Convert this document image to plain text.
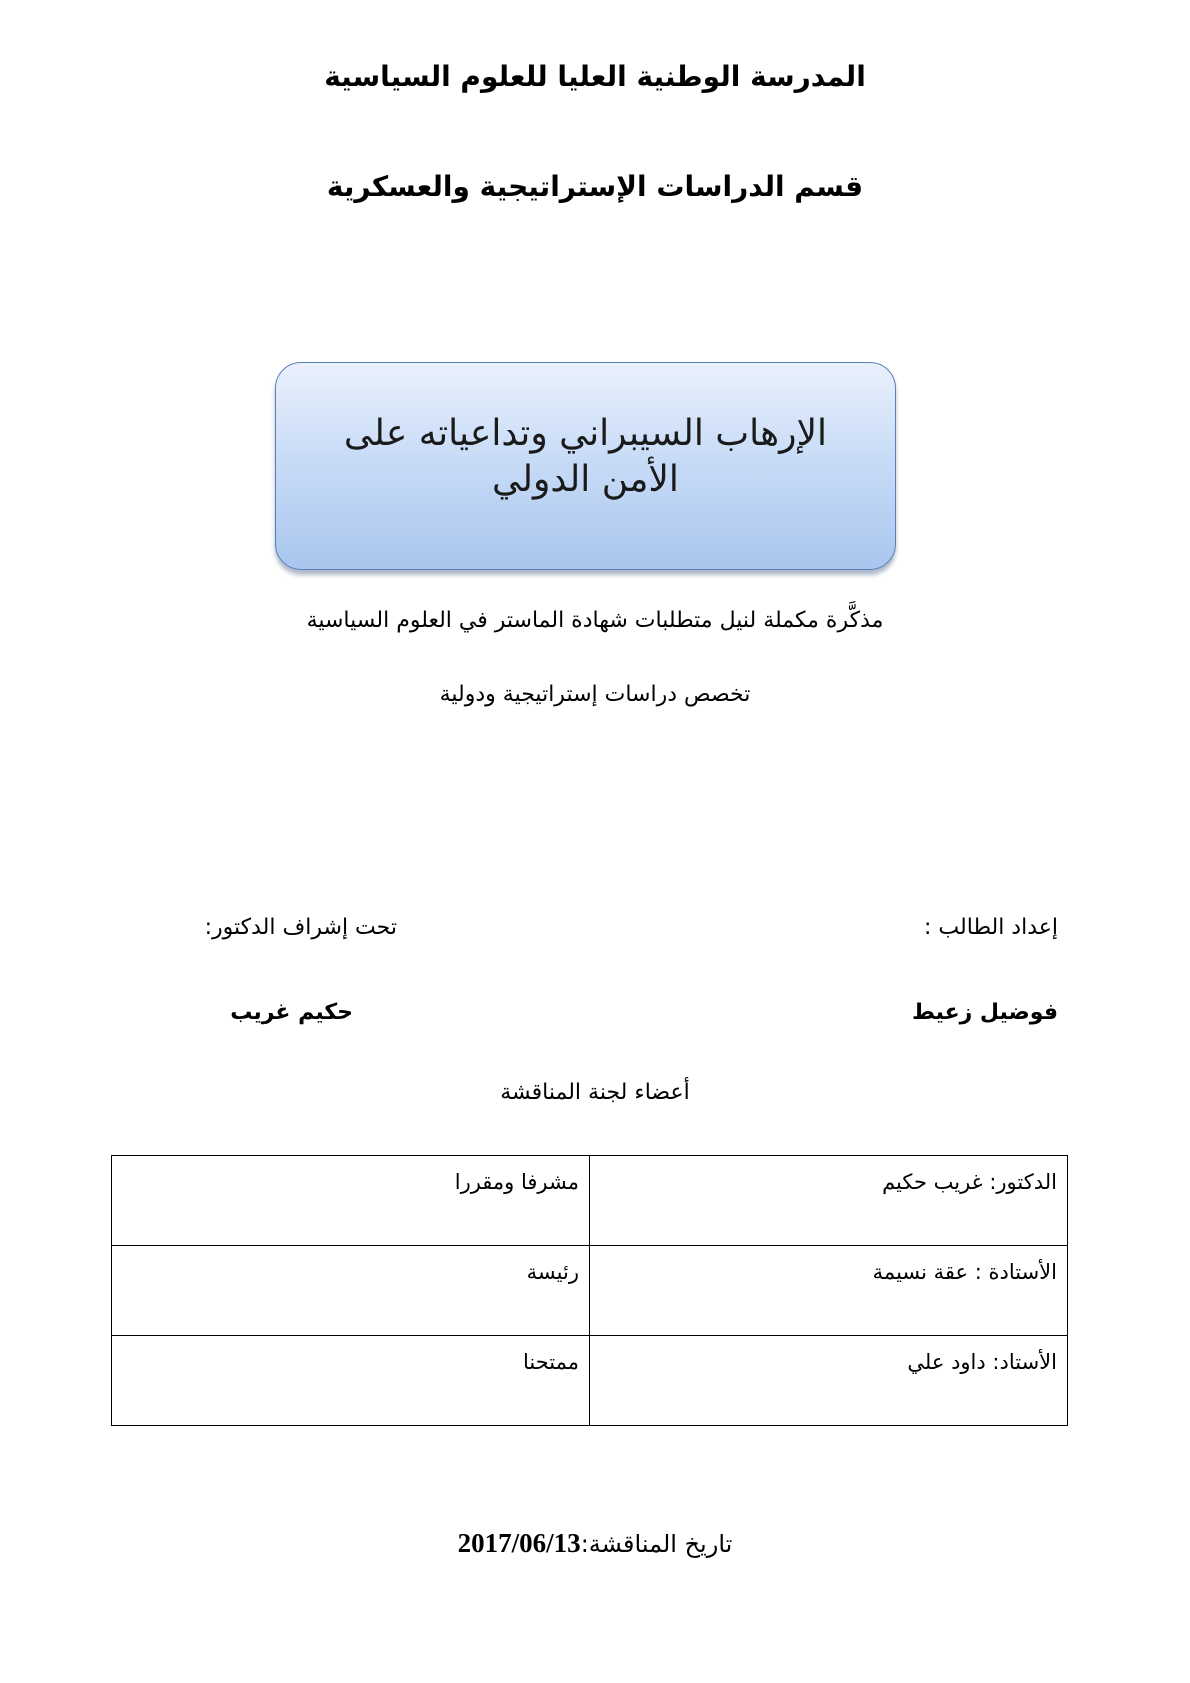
المدرسة الوطنية العليا للعلوم السياسية
قسم الدراسات الإستراتيجية والعسكرية
الإرهاب السيبراني وتداعياته على الأمن الدولي
مذكَّرة مكملة لنيل متطلبات شهادة الماستر في العلوم السياسية
تخصص دراسات إستراتيجية ودولية
إعداد الطالب :
تحت إشراف الدكتور:
فوضيل زعيط
حكيم غريب
أعضاء لجنة المناقشة
الدكتور: غريب حكيم	مشرفا ومقررا
الأستادة : عقة نسيمة	رئيسة
الأستاد: داود علي	ممتحنا
تاريخ المناقشة:2017/06/13
